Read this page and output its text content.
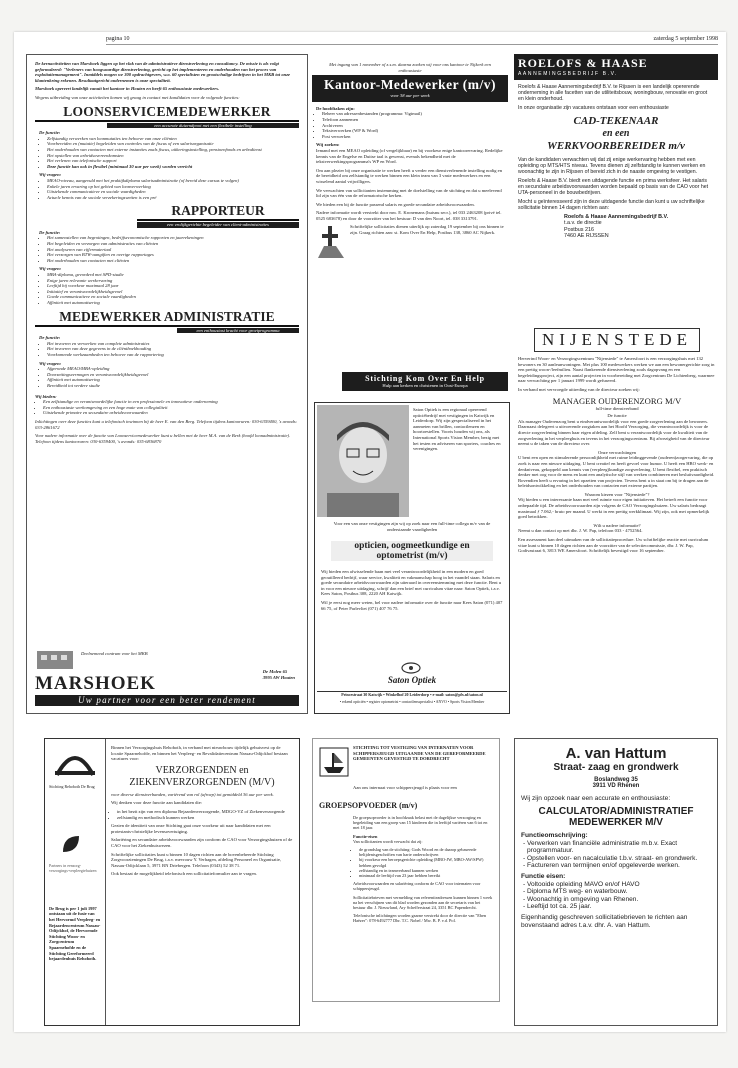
pagina 10	zaterdag 5 september 1998

De kernactiviteiten van Marshoek liggen op het vlak van de administratieve dienstverlening en consultancy. De missie is als volgt geformuleerd: "Verleners van hoogwaardige dienstverlening, gericht op het implementeren en onderhouden van het proces van exploitatiemanagement". Inmiddels mogen we 300 opdrachtgevers, w.o. 60 specialisten en grootschalige bedrijven in het MKB tot onze klantenkring rekenen. Resultaatgericht ondernemen is onze specialiteit.

Marshoek opereert landelijk vanuit het kantoor in Houten en heeft 65 enthousiaste medewerkers.

Wegens uitbreiding van onze activiteiten komen wij graag in contact met kandidaten voor de volgende functies:

LOONSERVICEMEDEWERKER
een accurate duizendpoot met een flexibele instelling
De functie:
• Zelfstandig verwerken van loonmutaties ten behoeve van onze cliënten
• Voorbereiden en (mutatie) begeleiden van controles van de fiscus of een salarisorganisatie
• Het onderhouden van contacten met externe instanties zoals fiscus, uitkeringsinstelling, pensioenfonds en arbodienst
• Het opstellen van arbeidsovereenkomsten
• Het verlenen van telefonische support
• Deze functie kan ook in flexibel (minimaal 30 uur per week) worden verricht
Wij vragen:
• MEAO-niveau, aangevuld met het praktijkdiploma salarisadministratie (of bereid deze cursus te volgen)
• Enkele jaren ervaring op het gebied van loonverwerking
• Uitstekende communicatieve en sociale vaardigheden
• Actuele kennis van de sociale verzekeringswetten is een pré
RAPPORTEUR
een vrolijkgerichte begeleider van client-administraties
De functie:
• Het samenstellen van begrotingen, bedrijfseconomische rapporten en jaarrekeningen
• Het begeleiden en verzorgen van administraties van cliënten
• Het analyseren van cijfermateriaal
• Het verzorgen van BTW-aangiften en overige rapportages
• Het onderhouden van contacten met cliënten
Wij vragen:
• MBA-diploma, gevorderd met SPD-studie
• Enige jaren relevante werkervaring
• Leeftijd bij voorkeur maximaal 28 jaar
• Initiatief en verantwoordelijkheidsgevoel
• Goede communicatieve en sociale vaardigheden
• Affiniteit met automatisering
MEDEWERKER ADMINISTRATIE
een enthousiast kracht voor groeiprogramma
De functie:
• Het invoeren en verwerken van complete administraties
• Het invoeren van deze gegevens in de cliëntboekhouding
• Voorkomende werkzaamheden ten behoeve van de rapportering
Wij vragen:
• Afgeronde MEAO/MBA-opleiding
• Doorzettingsvermogen en verantwoordelijkheidsgevoel
• Affiniteit met automatisering
• Bereidheid tot verdere studie
Wij bieden:
• Een zelfstandige en verantwoordelijke functie in een professionele en innovatieve onderneming
• Een enthousiaste werkomgeving en een hoge mate van collegialiteit
• Uitstekende primaire en secundaire arbeidsvoorwaarden

Inlichtingen over deze functies kunt u telefonisch inwinnen bij de heer E. van den Berg. Telefoon tijdens kantooruren: 030-6359400, 's avonds: 033-2861672

Voor nadere informatie over de functie van Loonservicemedewerker kunt u bellen met de heer M.A. van de Berk (hoofd loonadministratie). Telefoon tijdens kantooruren: 030-6359400, 's avonds: 035-6836870

Deelnemend contrum voor het MKB
MARSHOEK
De Molen 65
3995 AW Houten
Uw partner voor een beter rendement
Met ingang van 1 november of z.s.m. daarna zoeken wij voor ons kantoor te Nijkerk een enthousiaste
Kantoor-Medewerker (m/v)
voor 38 uur per week
De hoofdtaken zijn:
• Beheer van adressenbestanden (programma: Vigimail)
• Telefoon aannemen
• Archiveren
• Tekstverwerken (WP & Word)
• Post verwerken
Wij zoeken:

Iemand met een MEAO opleiding (of vergelijkbaar) en bij voorkeur enige kantoorervaring. Redelijke kennis van de Engelse en Duitse taal is gewenst, evenals bekendheid met de tekstverwerkingsprogramma's WP en Word.

Om aan plezier bij onze organisatie te werken heeft u verder een dienstverlenende instelling nodig en de bereidheid om zelfstandig te werken binnen een klein team van 3 vaste medewerkers en een wisselend aantal vrijwilligers.

We verwachten van sollicitanten instemming met de doelstelling van de stichting en dat u meelevend lid zijn van één van de reformatorische kerken.

We bieden een bij de functie passend salaris en goede secundaire arbeidsvoorwaarden.

Nadere informatie wordt verstrekt door mw. E. Kronemans (huisnu secr.), tel 033 2463208 (privé tel. 0525 683678) en door de voorzitter van het bestuur: D van den Noort, tel. 038 3313791.

Schriftelijke sollicitaties dienen uiterlijk op zaterdag 19 september bij ons binnen te zijn. Graag richten aan: st. Kom Over En Help, Postbus 138, 3860 AC Nijkerk.

Stichting Kom Over En Help
Hulp aan kerken en christenen in Oost-Europa
Saton Optiek is een regionaal opererend opticiëbedrijf met vestigingen in Katwijk en Leiderdorp. Wij zijn gespecialiseerd in het aanmeten van brillen, contactlenzen en hoortoestellen. Voorts houden wij ons, als International Sports Vision Member, bezig met het testen en adviseren van sporters, coaches en verenigingen.
Voor een van onze vestigingen zijn wij op zoek naar een full-time collega m/v van de onderstaande vaardigheden
opticien, oogmeetkundige en optometrist (m/v)

Wij bieden een afwisselende baan met veel verantwoordelijkheid in een modern en goed geoutilleerd bedrijf, waar service, kwaliteit en vakmanschap hoog in het vaandel staan. Salaris en goede secundaire arbeidsvoorwaarden zijn uiteraard in overeenstemming met deze functie. Bent u in voor een nieuwe uitdaging, schrijf dan een brief met curriculum vitae naar: Saton Optiek, t.a.v. Kees Saton, Postbus 308, 2220 AH Katwijk.

Wil je eerst nog meer weten, bel voor nadere informatie over de functie naar Kees Saton (071) 407 66 75, of Peter Parlevliet (071) 407 76 75.

Saton Optiek
Princestraat 30 Katwijk • Winkelhof 20 Leiderdorp • e-mail: saton@pfx.nl/saton.nl
• erkend opticiën • register optometrist • contactlensspecialist • ANVO • Sports Vision Member
ROELOFS & HAASE
AANNEMINGSBEDRIJF B.V.

Roelofs & Haase Aannemingsbedrijf B.V. te Rijssen is een landelijk opererende onderneming in alle facetten van de utiliteitsbouw, woningbouw, renovatie en groot en klein onderhoud.

In onze organisatie zijn vacatures ontstaan voor een enthousiaste

CAD-TEKENAAR
en een
WERKVOORBEREIDER m/v

Van de kandidaten verwachten wij dat zij enige werkervaring hebben met een opleiding op MTS/HTS niveau. Tevens dienen zij zelfstandig te kunnen werken en woonachtig te zijn in Rijssen of bereid zich in de naaste omgeving te vestigen.

Roelofs & Haase B.V. biedt een uitdagende functie en prima werksfeer. Het salaris en secundaire arbeidsvoorwaarden worden bepaald op basis van de CAO voor het UTA-personeel in de bouwbedrijven.

Mocht u geïnteresseerd zijn in deze uitdagende functie dan kunt u uw schriftelijke sollicitatie binnen 14 dagen richten aan:

Roelofs & Haase Aannemingsbedrijf B.V.
t.a.v. de directie
Postbus 216
7460 AE RIJSSEN
NIJENSTEDE

Herverind Woon- en Verzorgingscentrum "Nijenstede" te Amersfoort is een verzorgingshuis met 132 bewoners en 30 aanleunwoningen. Met plus 100 medewerkers werken we aan een bewonergerichte zorg in een prettig woon-/leefmilieu. Naast flankerende dienstverlening zoals dagopvang en een begeleidingsproject, zijn een aantal projecten in voorbereiding met Zorgcentrum De Lichtenberg, waarmee naar verwachting per 1 januari 1999 wordt gefuseerd.

In verband met vervroegde uittreding van de directeur zoeken wij:

MANAGER OUDERENZORG M/V
full-time dienstverband
De functie

Als manager Ouderenzorg bent u eindverantwoordelijk voor een goede zorgverlening aan de bewoners. Daarnaast delegeert u uitvoerende zorgtaken aan het Hoofd Verzorging, die verantwoordelijk is voor de directe zorgverlening binnen haar eigen afdeling. Zelf bent u verantwoordelijk voor de kwaliteit van de zorgverlening in het verpleeghuis en tevens in het verzorgingscentrum. Bij afwezigheid van de directeur neemt u de taken van de directeur over.

Onze verwachtingen

U bent een open en stimulerende persoonlijkheid met ruime leidinggevende (ouderen)zorgervaring, die op zoek is naar een nieuwe uitdaging. U bent creatief en heeft gevoel voor humor. U heeft een HBO werk- en denkniveau, gekoppeld aan kennis van (verpleeg)kundige zorgverlening. U bent flexibel, een praktisch denker met oog voor de mens en kunt een analytische stijl van werken combineren met besluitvaardigheid. Bovendien heeft u ervaring in het opzetten van projecten. Tevens bent u in staat om bij te dragen aan de beleidsontwikkeling en het onderhouden van contacten met externe partijen.

Waarom kiezen voor "Nijenstede"?

Wij bieden u een interessante baan met veel ruimte voor eigen initiatieven. Het betreft een functie voor onbepaalde tijd. De arbeidsvoorwaarden zijn volgens de CAO Verzorgingshuizen. Uw salaris bedraagt maximaal ƒ 7.062,- bruto per maand. U werkt in een prettig werkklimaat. Wij zijn, ook met opmerkelijk goed betrokken.

Wilt u nadere informatie?

Neemt u dan contact op met dhr. J. W. Pap, telefoon 033 - 4752564.

Een assessment kan deel uitmaken van de sollicitatieprocedure. Uw schriftelijke reactie met curriculum vitae kunt u binnen 10 dagen richten aan de voorzitter van de selectiecommissie, dhr. J. W. Pap, Godivastraat 6, 3813 WE Amersfoort. Schriftelijk bevestigd voor 16 september.

Stichting Rehoboth De Brug
Partners in eenzorg-verzorgings-verpleegtehuizen
De Brug is per 1 juli 1997 ontstaan uit de fusie van het Hervormd Verpleeg- en Bejaardencentrum Nassau-Odijckhof, de Hervormde Stichting Woon- en Zorgcentrum Spaarnehofde en de Stichting Gereformeerd bejaardenhuis Rehoboth.
Binnen het Verzorgingshuis Rehoboth, in verband met nieuwbouw tijdelijk gehuisvest op de locatie Spaarnehofde, en binnen het Verpleeg- en Revalidatiecentrum Nassau-Odijckhof bestaan vacatures voor:
VERZORGENDEN en ZIEKENVERZORGENDEN (M/V)
voor diverse dienstverbanden, variërend van rol (afroep) tot gemiddeld 36 uur per week.

Wij denken voor deze functie aan kandidaten die:

• in het bezit zijn van een diploma Bejaardenverzorgende, MDGO-VZ of Ziekenverzorgende
• zelfstandig en methodisch kunnen werken

Gezien de identiteit van onze Stichting gaat onze voorkeur uit naar kandidaten met een protestants-christelijke levensovertuiging.

Salariëring en secundaire arbeidsvoorwaarden zijn conform de CAO voor Verzorgingshuizen of de CAO voor het Ziekenhuiswezen.

Schriftelijke sollicitaties kunt u binnen 10 dagen richten aan de bovenbeheerde Stichting Zorgvoorzieningen De Brug, t.a.v. mevrouw Y. Verhagen, afdeling Personeel en Organisatie, Nassau-Odijcklaan 5, 3971 BN Driebergen. Telefoon (0343) 52 38 71.

Ook bestaat de mogelijkheid telefonisch een sollicitatieformulier aan te vragen.

STICHTING TOT VESTIGING VAN INTERNATEN VOOR SCHIPPERSJEUGD UITGAANDE VAN DE GEREFORMEERDE GEMEENTEN GEVESTIGD TE DORDRECHT
Aan ons internaat voor schippersjeugd is plaats voor een
GROEPSOPVOEDER (m/v)

De groepsopvoeder is in hoofdzaak belast met de dagelijkse verzorging en begeleiding van een groep van 15 kinderen die in leeftijd variëren van 6 tot en met 18 jaar.

Functie-eisen

Van sollicitanten wordt verwacht dat zij:

• de grondslag van de stichting: Gods Woord en de daarop gebaseerde belijdenisgeschriften van harte onderschrijven
• bij voorkeur een beroepsgerichte opleiding (MBO-JW, MBO-AW/SPW) hebben gevolgd
• zelfstandig en in teamverband kunnen werken
• minimaal de leeftijd van 23 jaar hebben bereikt

Arbeidsvoorwaarden en salariëring conform de CAO voor internaten voor schippersjeugd.

Sollicitatiebrieven met vermelding van referentieadressen kunnen binnen 1 week na het verschijnen van dit blad worden gezonden aan de secretaris van het bestuur dhr. J. Nieuwland, Ary Schefferstraat 24, 3351 BC Papendrecht.

Telefonische inlichtingen worden gaarne verstrekt door de directie van "Eben Haëzer": 078-6492777 Dhr. T.C. Nobel / Mw. B. P. v.d. Pol.

A. van Hattum
Straat- zaag en grondwerk
Boslandweg 35
3911 VD Rhenen
Wij zijn opzoek naar een accurate en enthousiaste:
CALCULATOR/ADMINISTRATIEF MEDEWERKER M/V
Functieomschrijving:
- Verwerken van financiële administratie m.b.v. Exact programmatuur.
- Opstellen voor- en nacalculatie t.b.v. straat- en grondwerk.
- Factureren van termijnen en/of opgeleverde werken.
Functie eisen:
- Voltooide opleiding MAVO en/of HAVO
- Diploma MTS weg- en waterbouw.
- Woonachtig in omgeving van Rhenen.
- Leeftijd tot ca. 25 jaar.

Eigenhandig geschreven sollicitatiebrieven te richten aan bovenstaand adres t.a.v. dhr. A. van Hattum.
